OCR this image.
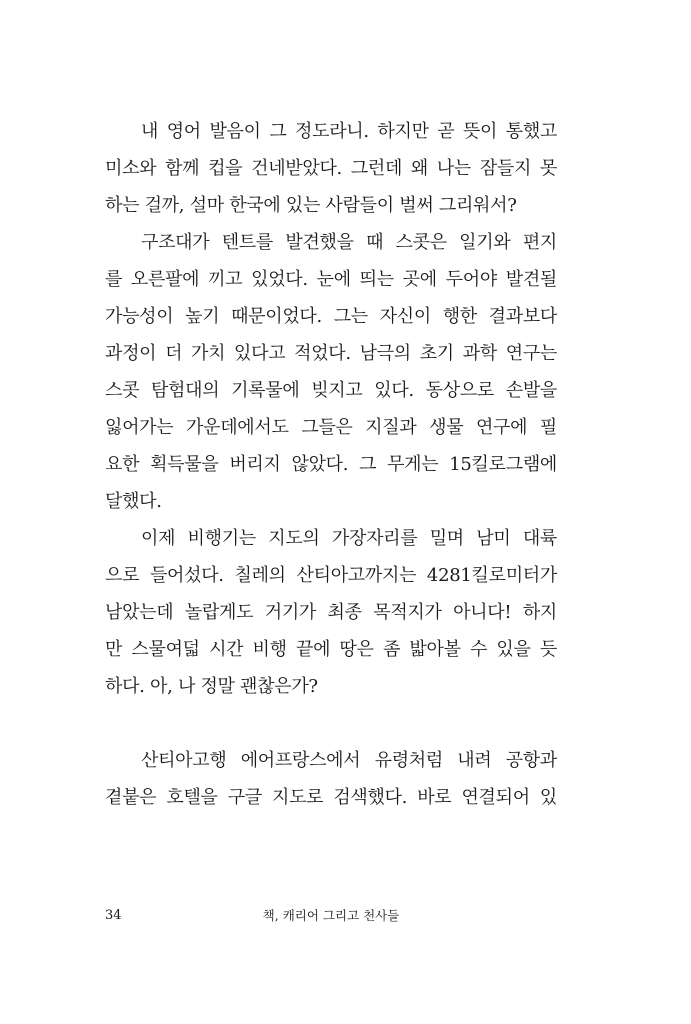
내 영어 발음이 그 정도라니. 하지만 곧 뜻이 통했고
미소와 함께 컵을 건네받았다. 그런데 왜 나는 잠들지 못
하는 걸까, 설마 한국에 있는 사람들이 벌써 그리워서?
구조대가 텐트를 발견했을 때 스콧은 일기와 편지
를 오른팔에 끼고 있었다. 눈에 띄는 곳에 두어야 발견될
가능성이 높기 때문이었다. 그는 자신이 행한 결과보다
과정이 더 가치 있다고 적었다. 남극의 초기 과학 연구는
스콧 탐험대의 기록물에 빚지고 있다. 동상으로 손발을
잃어가는 가운데에서도 그들은 지질과 생물 연구에 필
요한 획득물을 버리지 않았다. 그 무게는 15킬로그램에
달했다.
이제 비행기는 지도의 가장자리를 밀며 남미 대륙
으로 들어섰다. 칠레의 산티아고까지는 4281킬로미터가
남았는데 놀랍게도 거기가 최종 목적지가 아니다! 하지
만 스물여덟 시간 비행 끝에 땅은 좀 밟아볼 수 있을 듯
하다. 아, 나 정말 괜찮은가?
산티아고행 에어프랑스에서 유령처럼 내려 공항과
곁붙은 호텔을 구글 지도로 검색했다. 바로 연결되어 있
34	책, 캐리어 그리고 천사들
